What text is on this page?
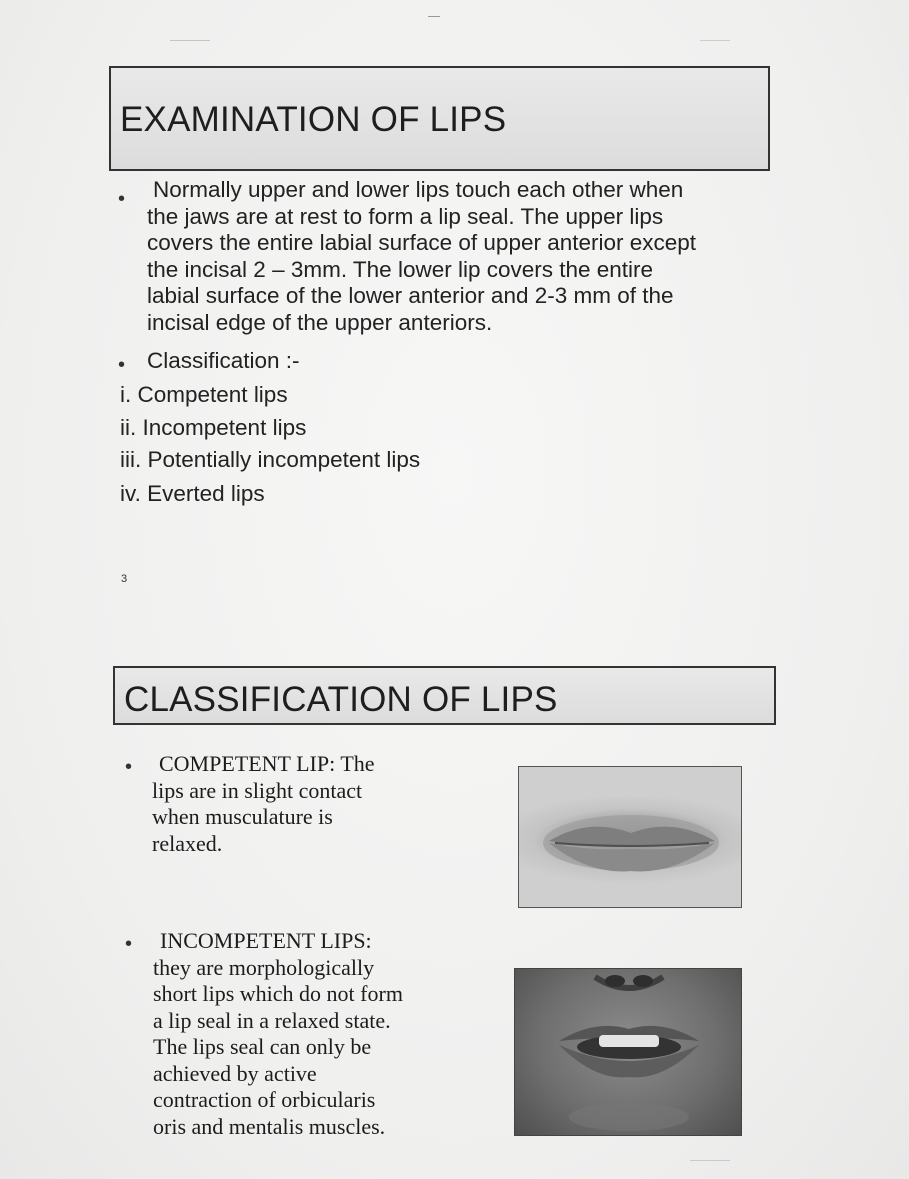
EXAMINATION OF LIPS
• Normally upper and lower lips touch each other when
the jaws are at rest to form a lip seal. The upper lips
covers the entire labial surface of upper anterior except
the incisal 2 – 3mm. The lower lip covers the entire
labial surface of the lower anterior and 2-3 mm of the
incisal edge of the upper anteriors.
• Classification :-
i. Competent lips
ii. Incompetent lips
iii. Potentially incompetent lips
iv. Everted lips
3
CLASSIFICATION OF LIPS
•	COMPETENT LIP: The
lips are in slight contact
when musculature is
relaxed.
•	INCOMPETENT LIPS:
they are morphologically
short lips which do not form
a lip seal in a relaxed state.
The lips seal can only be
achieved by active
contraction of orbicularis
oris and mentalis muscles.
